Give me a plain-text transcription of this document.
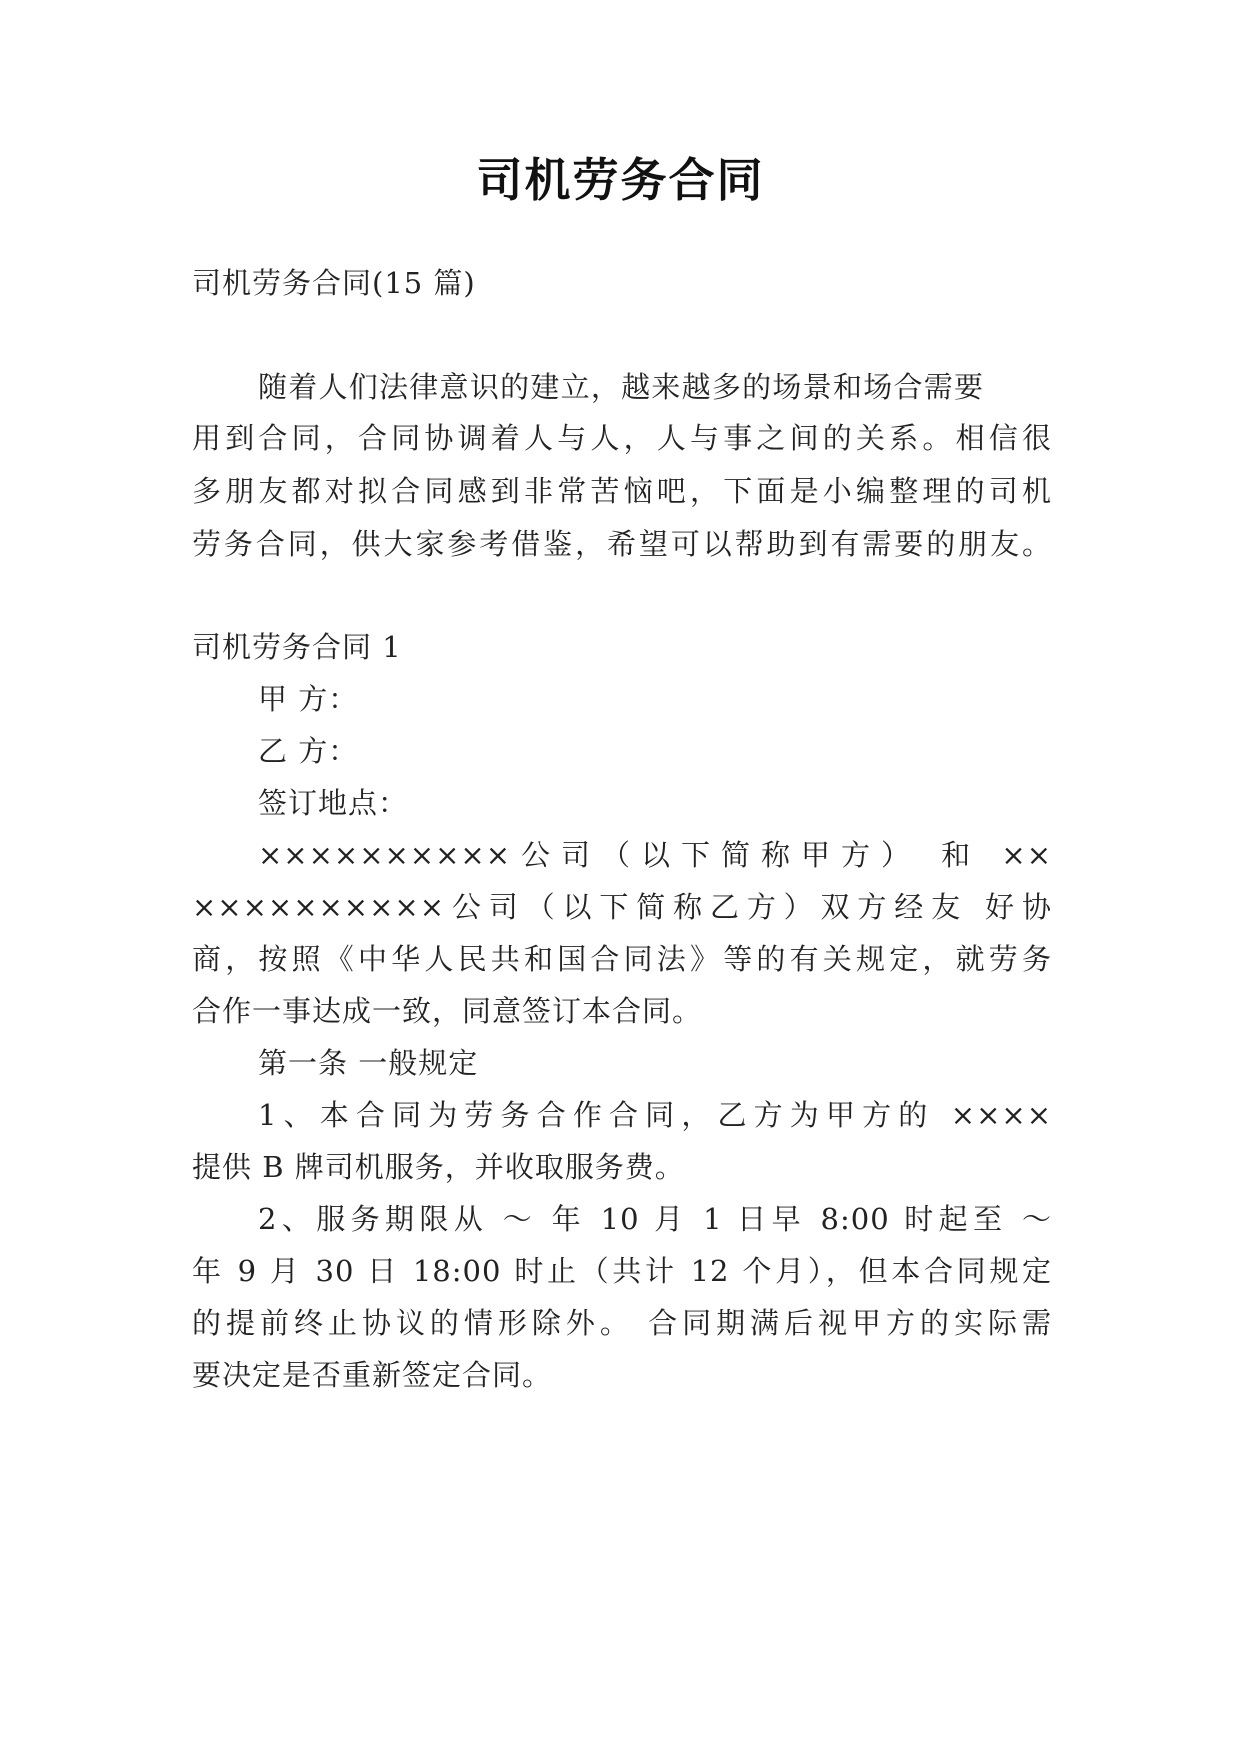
司机劳务合同
司机劳务合同(15 篇)
随着人们法律意识的建立，越来越多的场景和场合需要
用到合同，合同协调着人与人，人与事之间的关系。相信很
多朋友都对拟合同感到非常苦恼吧，下面是小编整理的司机
劳务合同，供大家参考借鉴，希望可以帮助到有需要的朋友。
司机劳务合同 1
甲 方：
乙 方：
签订地点：
××××××××××公司（以下简称甲方） 和 ××
××××××××××公司（以下简称乙方）双方经友 好协
商，按照《中华人民共和国合同法》等的有关规定，就劳务
合作一事达成一致，同意签订本合同。
第一条 一般规定
1、本合同为劳务合作合同，乙方为甲方的 ××××
提供 B 牌司机服务，并收取服务费。
2、服务期限从 ～ 年 10 月 1 日早 8:00 时起至 ～
年 9 月 30 日 18:00 时止（共计 12 个月），但本合同规定
的提前终止协议的情形除外。 合同期满后视甲方的实际需
要决定是否重新签定合同。
